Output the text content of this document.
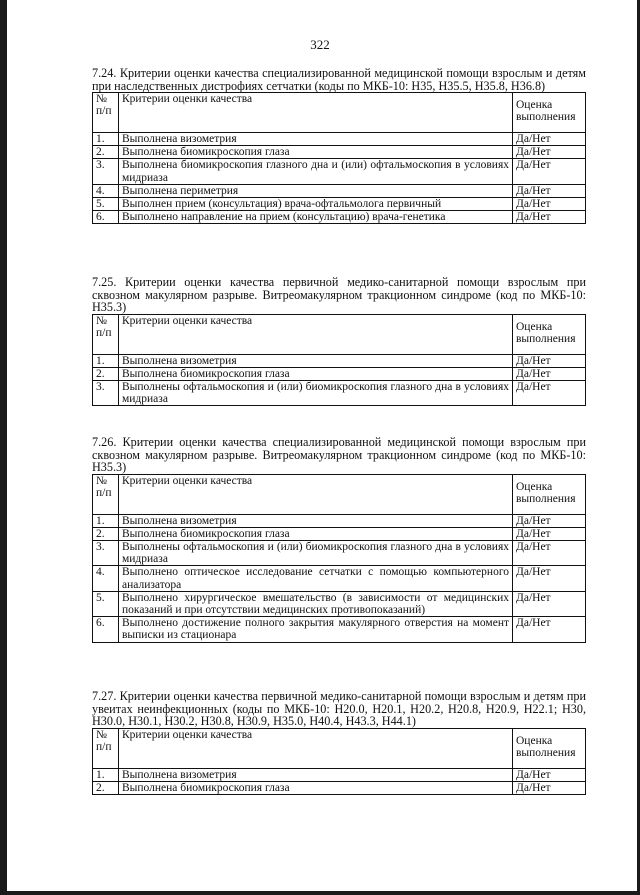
322
7.24. Критерии оценки качества специализированной медицинской помощи взрослым и детям при наследственных дистрофиях сетчатки (коды по МКБ-10: H35, H35.5, H35.8, H36.8)
№ п/п	Критерии оценки качества	Оценка выполнения
1.	Выполнена визометрия	Да/Нет
2.	Выполнена биомикроскопия глаза	Да/Нет
3.	Выполнена биомикроскопия глазного дна и (или) офтальмоскопия в условиях мидриаза	Да/Нет
4.	Выполнена периметрия	Да/Нет
5.	Выполнен прием (консультация) врача-офтальмолога первичный	Да/Нет
6.	Выполнено направление на прием (консультацию) врача-генетика	Да/Нет
7.25. Критерии оценки качества первичной медико-санитарной помощи взрослым при сквозном макулярном разрыве. Витреомакулярном тракционном синдроме (код по МКБ-10: H35.3)
№ п/п	Критерии оценки качества	Оценка выполнения
1.	Выполнена визометрия	Да/Нет
2.	Выполнена биомикроскопия глаза	Да/Нет
3.	Выполнены офтальмоскопия и (или) биомикроскопия глазного дна в условиях мидриаза	Да/Нет
7.26. Критерии оценки качества специализированной медицинской помощи взрослым при сквозном макулярном разрыве. Витреомакулярном тракционном синдроме (код по МКБ-10: H35.3)
№ п/п	Критерии оценки качества	Оценка выполнения
1.	Выполнена визометрия	Да/Нет
2.	Выполнена биомикроскопия глаза	Да/Нет
3.	Выполнены офтальмоскопия и (или) биомикроскопия глазного дна в условиях мидриаза	Да/Нет
4.	Выполнено оптическое исследование сетчатки с помощью компьютерного анализатора	Да/Нет
5.	Выполнено хирургическое вмешательство (в зависимости от медицинских показаний и при отсутствии медицинских противопоказаний)	Да/Нет
6.	Выполнено достижение полного закрытия макулярного отверстия на момент выписки из стационара	Да/Нет
7.27. Критерии оценки качества первичной медико-санитарной помощи взрослым и детям при увеитах неинфекционных (коды по МКБ-10: H20.0, H20.1, H20.2, H20.8, H20.9, H22.1; H30, H30.0, H30.1, H30.2, H30.8, H30.9, H35.0, H40.4, H43.3, H44.1)
№ п/п	Критерии оценки качества	Оценка выполнения
1.	Выполнена визометрия	Да/Нет
2.	Выполнена биомикроскопия глаза	Да/Нет
